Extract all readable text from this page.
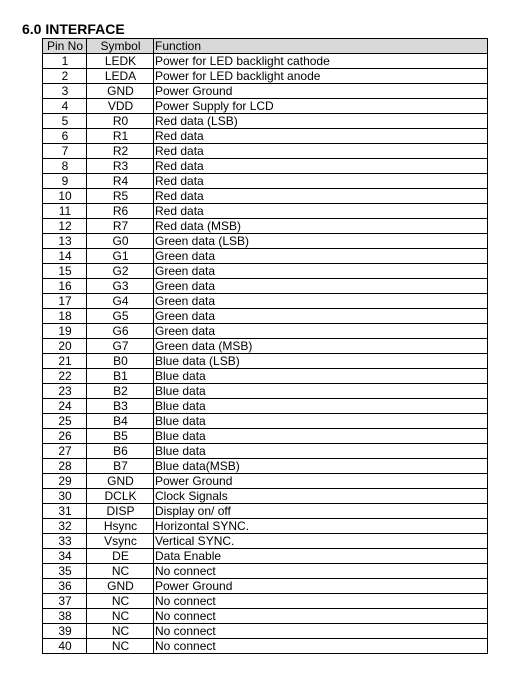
6.0 INTERFACE
Pin No	Symbol	Function
1	LEDK	Power for LED backlight cathode
2	LEDA	Power for LED backlight anode
3	GND	Power Ground
4	VDD	Power Supply for LCD
5	R0	Red data (LSB)
6	R1	Red data
7	R2	Red data
8	R3	Red data
9	R4	Red data
10	R5	Red data
11	R6	Red data
12	R7	Red data (MSB)
13	G0	Green data (LSB)
14	G1	Green data
15	G2	Green data
16	G3	Green data
17	G4	Green data
18	G5	Green data
19	G6	Green data
20	G7	Green data (MSB)
21	B0	Blue data (LSB)
22	B1	Blue data
23	B2	Blue data
24	B3	Blue data
25	B4	Blue data
26	B5	Blue data
27	B6	Blue data
28	B7	Blue data(MSB)
29	GND	Power Ground
30	DCLK	Clock Signals
31	DISP	Display on/ off
32	Hsync	Horizontal SYNC.
33	Vsync	Vertical SYNC.
34	DE	Data Enable
35	NC	No connect
36	GND	Power Ground
37	NC	No connect
38	NC	No connect
39	NC	No connect
40	NC	No connect
